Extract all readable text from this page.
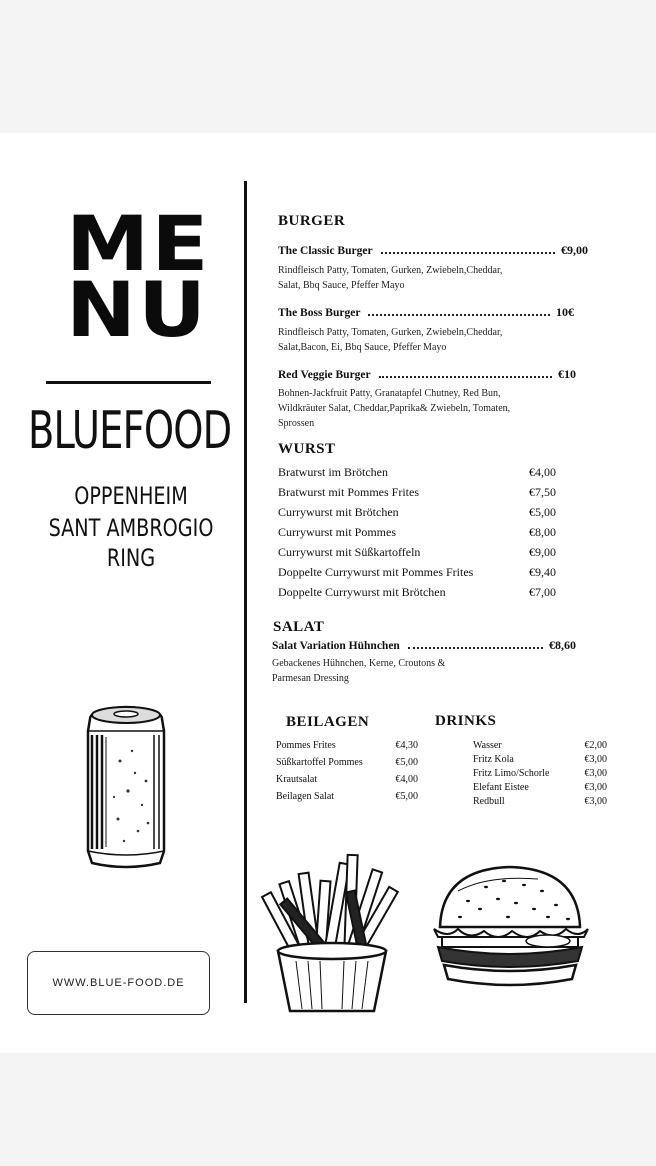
ME
NU
BLUEFOOD
OPPENHEIM
SANT AMBROGIO RING
WWW.BLUE-FOOD.DE
BURGER
The Classic Burger	€9,00
Rindfleisch Patty, Tomaten, Gurken, Zwiebeln,Cheddar,
Salat, Bbq Sauce, Pfeffer Mayo
The Boss Burger	10€
Rindfleisch Patty, Tomaten, Gurken, Zwiebeln,Cheddar,
Salat,Bacon, Ei, Bbq Sauce, Pfeffer Mayo
Red Veggie Burger	€10
Bohnen-Jackfruit Patty, Granatapfel Chutney, Red Bun,
Wildkräuter Salat, Cheddar,Paprika& Zwiebeln, Tomaten,
Sprossen
WURST
Bratwurst im Brötchen	€4,00
Bratwurst mit Pommes Frites	€7,50
Currywurst mit Brötchen	€5,00
Currywurst mit Pommes	€8,00
Currywurst mit Süßkartoffeln	€9,00
Doppelte Currywurst mit Pommes Frites	€9,40
Doppelte Currywurst mit Brötchen	€7,00
SALAT
Salat Variation Hühnchen	€8,60
Gebackenes Hühnchen, Kerne, Croutons &
Parmesan Dressing
BEILAGEN
Pommes Frites	€4,30
Süßkartoffel Pommes	€5,00
Krautsalat	€4,00
Beilagen Salat	€5,00
DRINKS
Wasser	€2,00
Fritz Kola	€3,00
Fritz Limo/Schorle	€3,00
Elefant Eistee	€3,00
Redbull	€3,00
